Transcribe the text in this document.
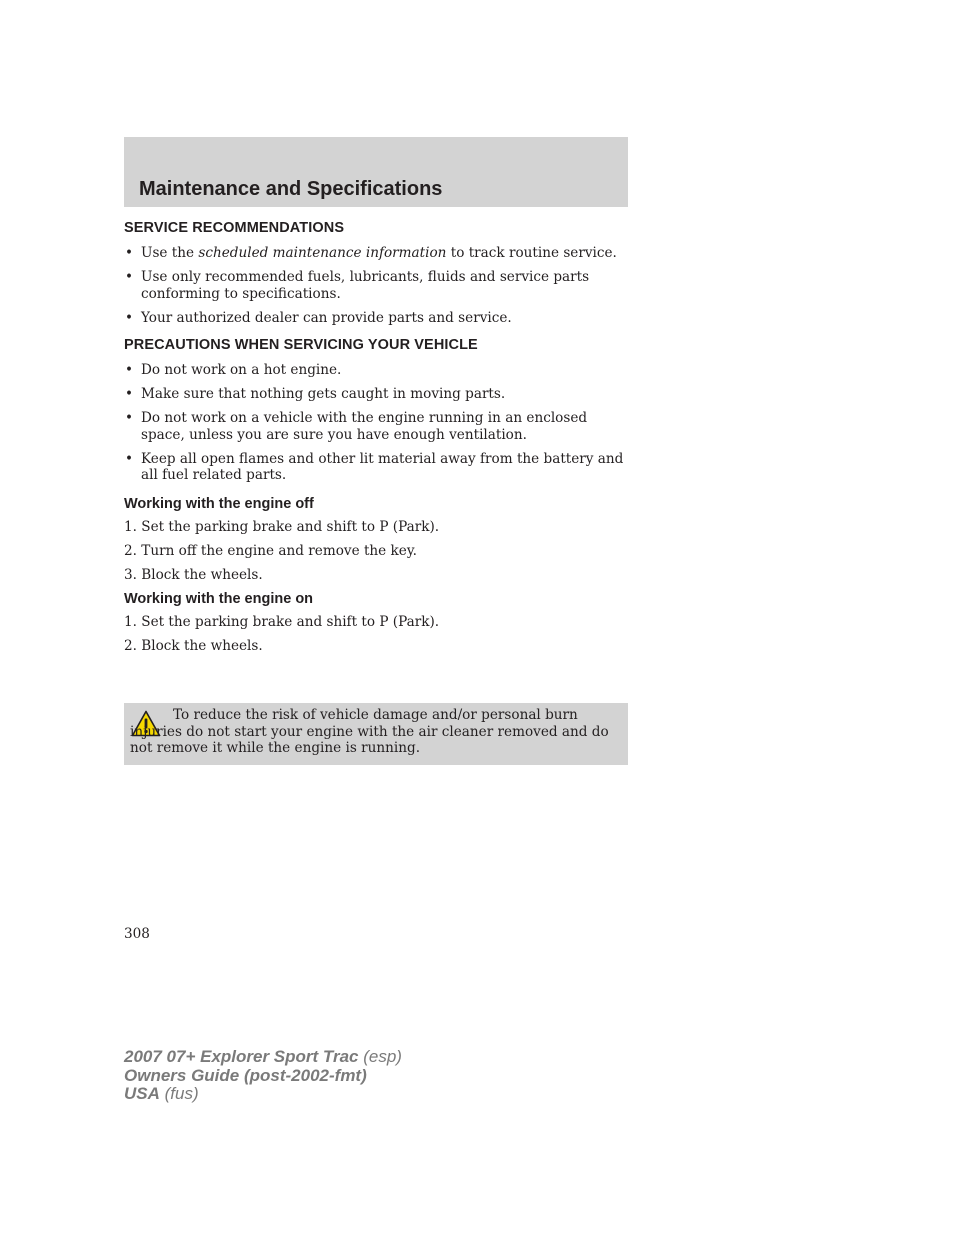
Maintenance and Specifications
SERVICE RECOMMENDATIONS
• Use the scheduled maintenance information to track routine service.
• Use only recommended fuels, lubricants, fluids and service parts conforming to specifications.
• Your authorized dealer can provide parts and service.
PRECAUTIONS WHEN SERVICING YOUR VEHICLE
• Do not work on a hot engine.
• Make sure that nothing gets caught in moving parts.
• Do not work on a vehicle with the engine running in an enclosed space, unless you are sure you have enough ventilation.
• Keep all open flames and other lit material away from the battery and all fuel related parts.
Working with the engine off
1. Set the parking brake and shift to P (Park).
2. Turn off the engine and remove the key.
3. Block the wheels.
Working with the engine on
1. Set the parking brake and shift to P (Park).
2. Block the wheels.
To reduce the risk of vehicle damage and/or personal burn injuries do not start your engine with the air cleaner removed and do not remove it while the engine is running.
308
2007 07+ Explorer Sport Trac (esp)
Owners Guide (post-2002-fmt)
USA (fus)
